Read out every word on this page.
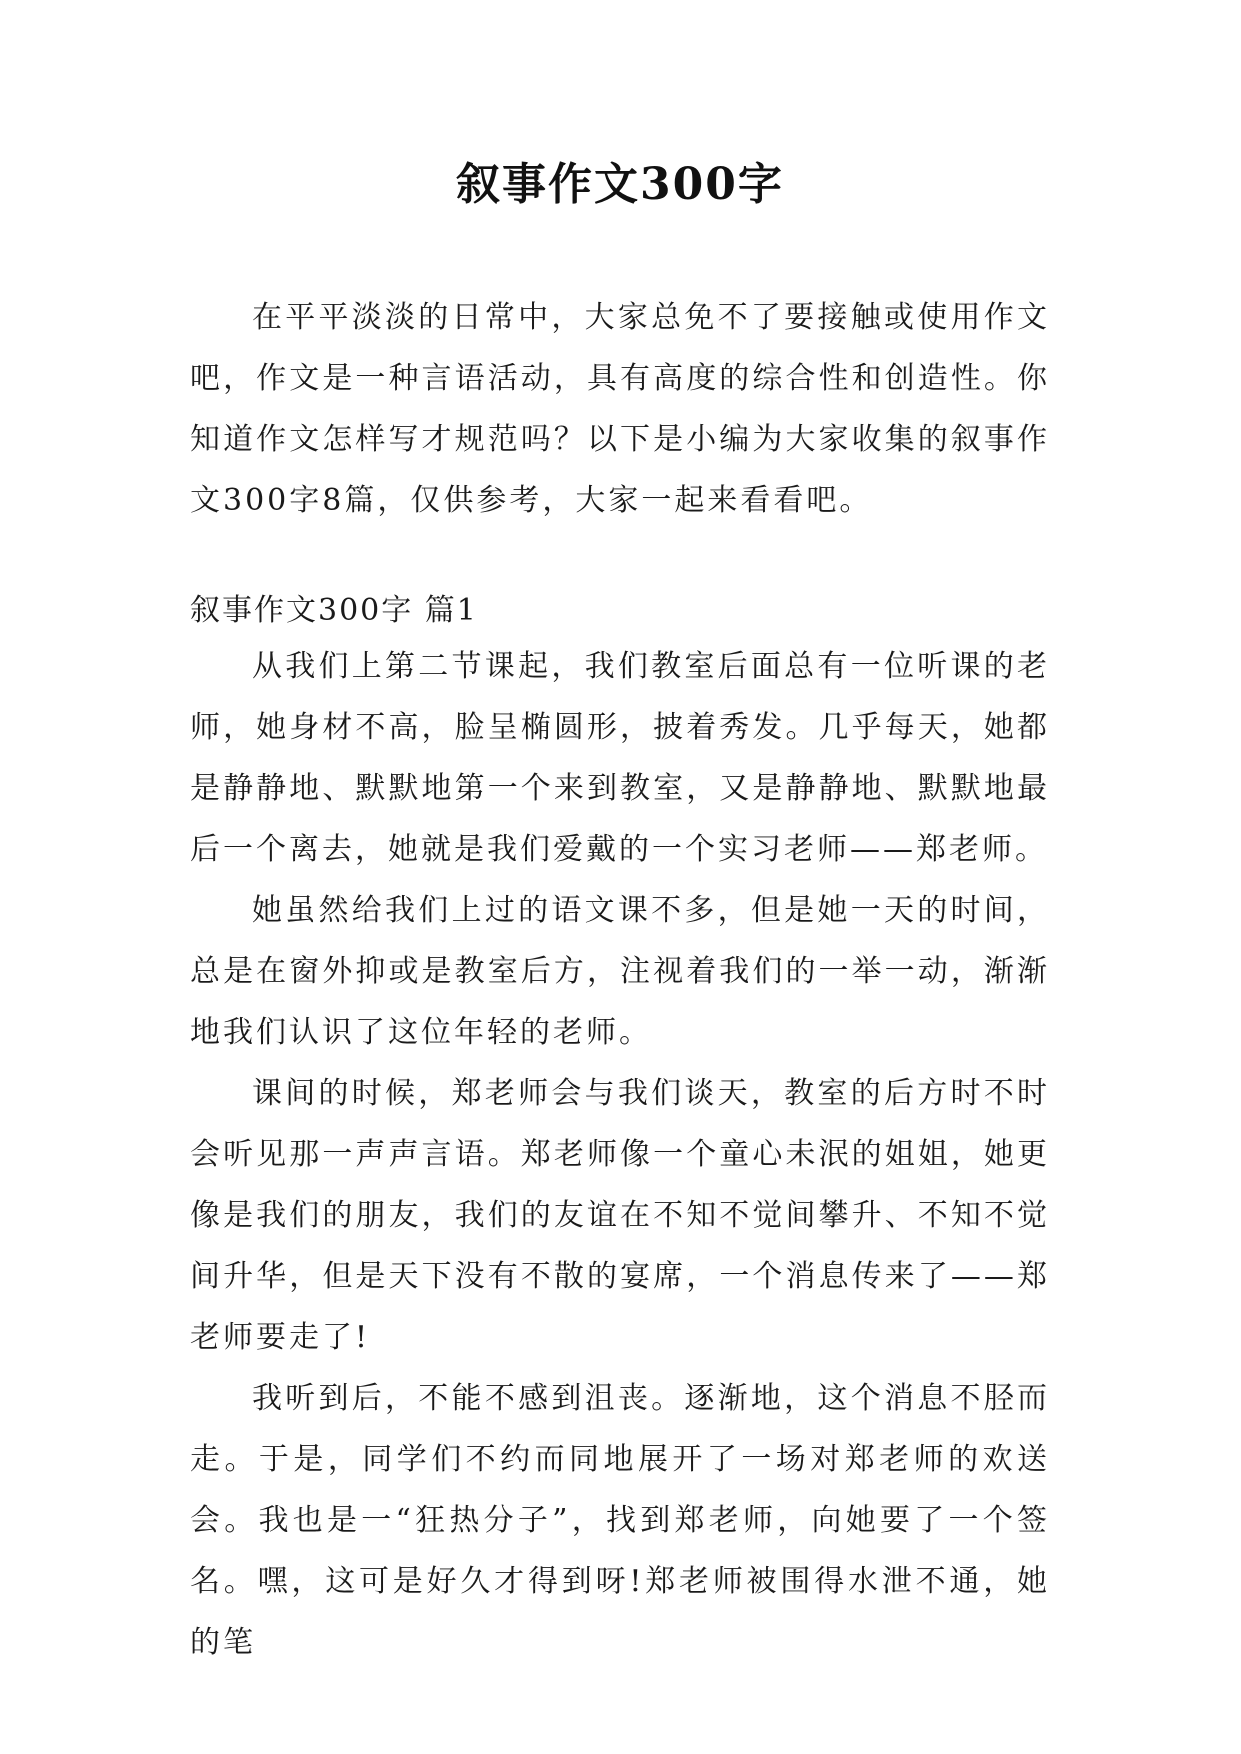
叙事作文300字

在平平淡淡的日常中，大家总免不了要接触或使用作文吧，作文是一种言语活动，具有高度的综合性和创造性。你知道作文怎样写才规范吗？以下是小编为大家收集的叙事作文300字8篇，仅供参考，大家一起来看看吧。

叙事作文300字 篇1

从我们上第二节课起，我们教室后面总有一位听课的老师，她身材不高，脸呈椭圆形，披着秀发。几乎每天，她都是静静地、默默地第一个来到教室，又是静静地、默默地最后一个离去，她就是我们爱戴的一个实习老师——郑老师。

她虽然给我们上过的语文课不多，但是她一天的时间，总是在窗外抑或是教室后方，注视着我们的一举一动，渐渐地我们认识了这位年轻的老师。

课间的时候，郑老师会与我们谈天，教室的后方时不时会听见那一声声言语。郑老师像一个童心未泯的姐姐，她更像是我们的朋友，我们的友谊在不知不觉间攀升、不知不觉间升华，但是天下没有不散的宴席，一个消息传来了——郑老师要走了!

我听到后，不能不感到沮丧。逐渐地，这个消息不胫而走。于是，同学们不约而同地展开了一场对郑老师的欢送会。我也是一“狂热分子”，找到郑老师，向她要了一个签名。嘿，这可是好久才得到呀!郑老师被围得水泄不通，她的笔
